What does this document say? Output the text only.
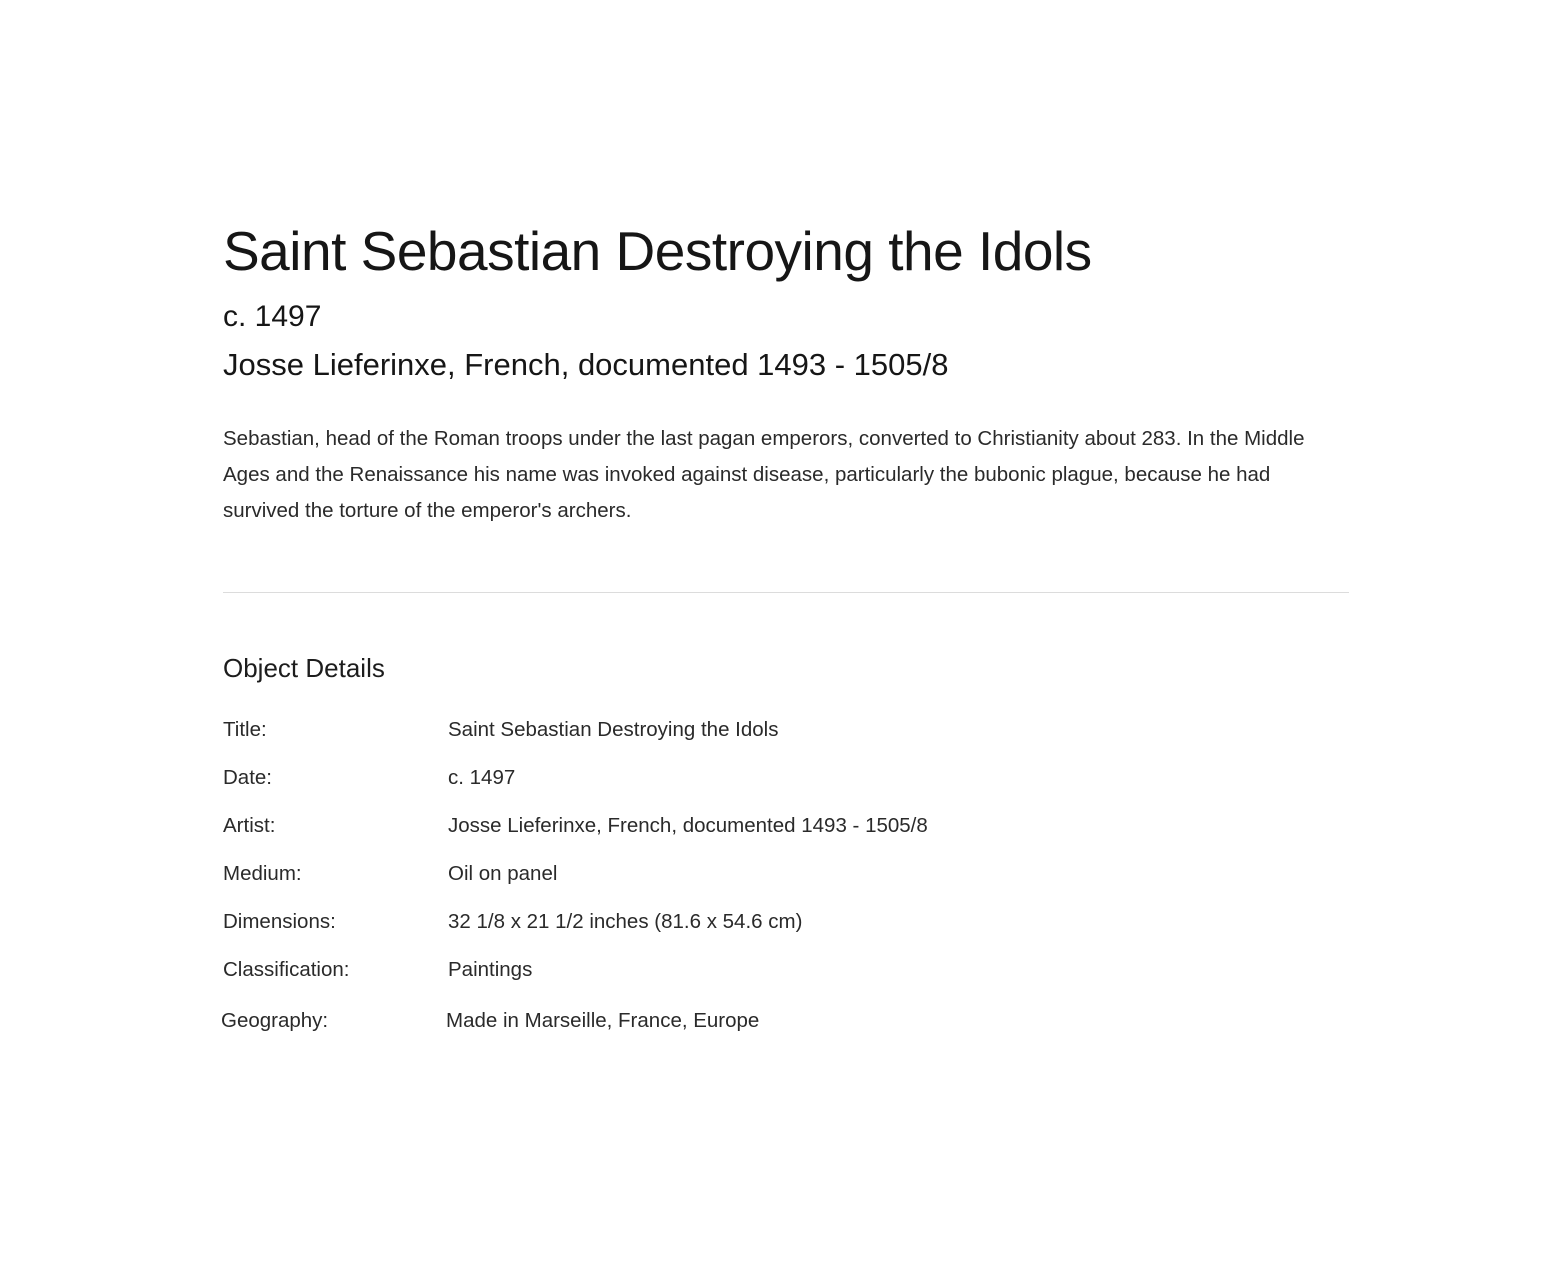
Saint Sebastian Destroying the Idols
c. 1497
Josse Lieferinxe, French, documented 1493 - 1505/8

Sebastian, head of the Roman troops under the last pagan emperors, converted to Christianity about 283. In the Middle Ages and the Renaissance his name was invoked against disease, particularly the bubonic plague, because he had survived the torture of the emperor's archers.

Object Details
Title:	Saint Sebastian Destroying the Idols
Date:	c. 1497
Artist:	Josse Lieferinxe, French, documented 1493 - 1505/8
Medium:	Oil on panel
Dimensions:	32 1/8 x 21 1/2 inches (81.6 x 54.6 cm)
Classification:	Paintings
Geography:	Made in Marseille, France, Europe
